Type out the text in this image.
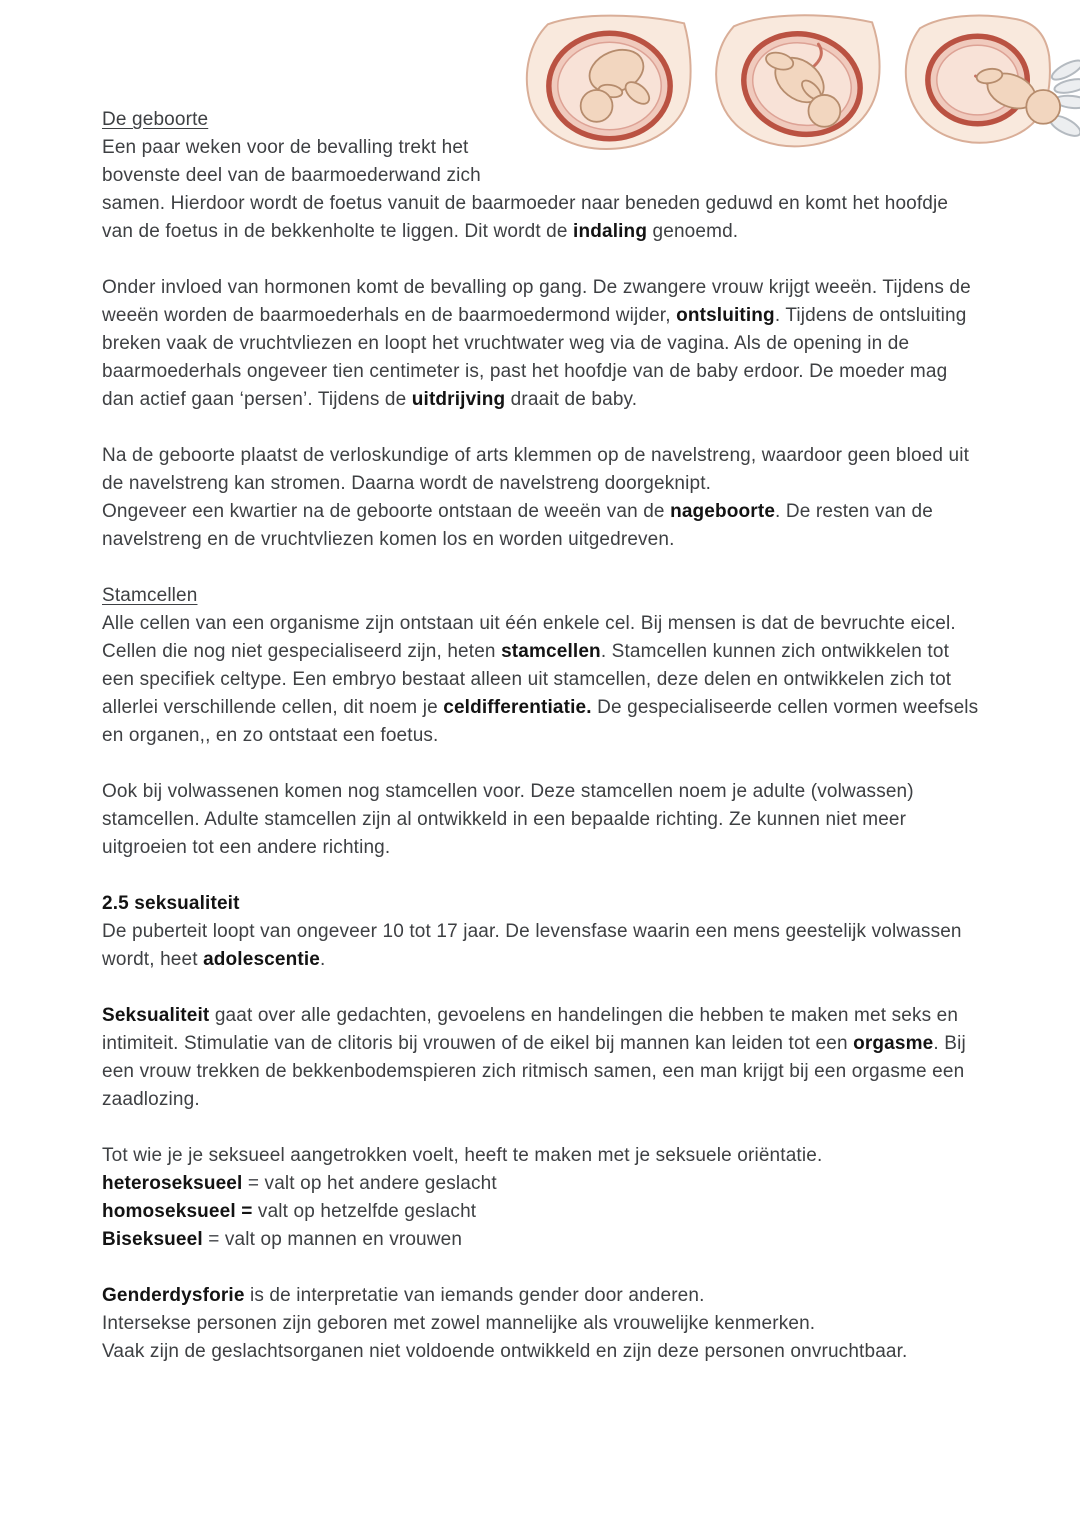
De geboorte

Een paar weken voor de bevalling trekt het bovenste deel van de baarmoederwand zich samen. Hierdoor wordt de foetus vanuit de baarmoeder naar beneden geduwd en komt het hoofdje van de foetus in de bekkenholte te liggen. Dit wordt de indaling genoemd.

Onder invloed van hormonen komt de bevalling op gang. De zwangere vrouw krijgt weeën. Tijdens de weeën worden de baarmoederhals en de baarmoedermond wijder, ontsluiting. Tijdens de ontsluiting breken vaak de vruchtvliezen en loopt het vruchtwater weg via de vagina. Als de opening in de baarmoederhals ongeveer tien centimeter is, past het hoofdje van de baby erdoor. De moeder mag dan actief gaan ‘persen’. Tijdens de uitdrijving draait de baby.

Na de geboorte plaatst de verloskundige of arts klemmen op de navelstreng, waardoor geen bloed uit de navelstreng kan stromen. Daarna wordt de navelstreng doorgeknipt.
Ongeveer een kwartier na de geboorte ontstaan de weeën van de nageboorte. De resten van de navelstreng en de vruchtvliezen komen los en worden uitgedreven.

Stamcellen

Alle cellen van een organisme zijn ontstaan uit één enkele cel. Bij mensen is dat de bevruchte eicel. Cellen die nog niet gespecialiseerd zijn, heten stamcellen. Stamcellen kunnen zich ontwikkelen tot een specifiek celtype. Een embryo bestaat alleen uit stamcellen, deze delen en ontwikkelen zich tot allerlei verschillende cellen, dit noem je celdifferentiatie. De gespecialiseerde cellen vormen weefsels en organen,, en zo ontstaat een foetus.

Ook bij volwassenen komen nog stamcellen voor. Deze stamcellen noem je adulte (volwassen) stamcellen. Adulte stamcellen zijn al ontwikkeld in een bepaalde richting. Ze kunnen niet meer uitgroeien tot een andere richting.

2.5 seksualiteit

De puberteit loopt van ongeveer 10 tot 17 jaar. De levensfase waarin een mens geestelijk volwassen wordt, heet adolescentie.

Seksualiteit gaat over alle gedachten, gevoelens en handelingen die hebben te maken met seks en intimiteit. Stimulatie van de clitoris bij vrouwen of de eikel bij mannen kan leiden tot een orgasme. Bij een vrouw trekken de bekkenbodemspieren zich ritmisch samen, een man krijgt bij een orgasme een zaadlozing.

Tot wie je je seksueel aangetrokken voelt, heeft te maken met je seksuele oriëntatie.
heteroseksueel = valt op het andere geslacht
homoseksueel = valt op hetzelfde geslacht
Biseksueel = valt op mannen en vrouwen

Genderdysforie is de interpretatie van iemands gender door anderen.
Intersekse personen zijn geboren met zowel mannelijke als vrouwelijke kenmerken.
Vaak zijn de geslachtsorganen niet voldoende ontwikkeld en zijn deze personen onvruchtbaar.
